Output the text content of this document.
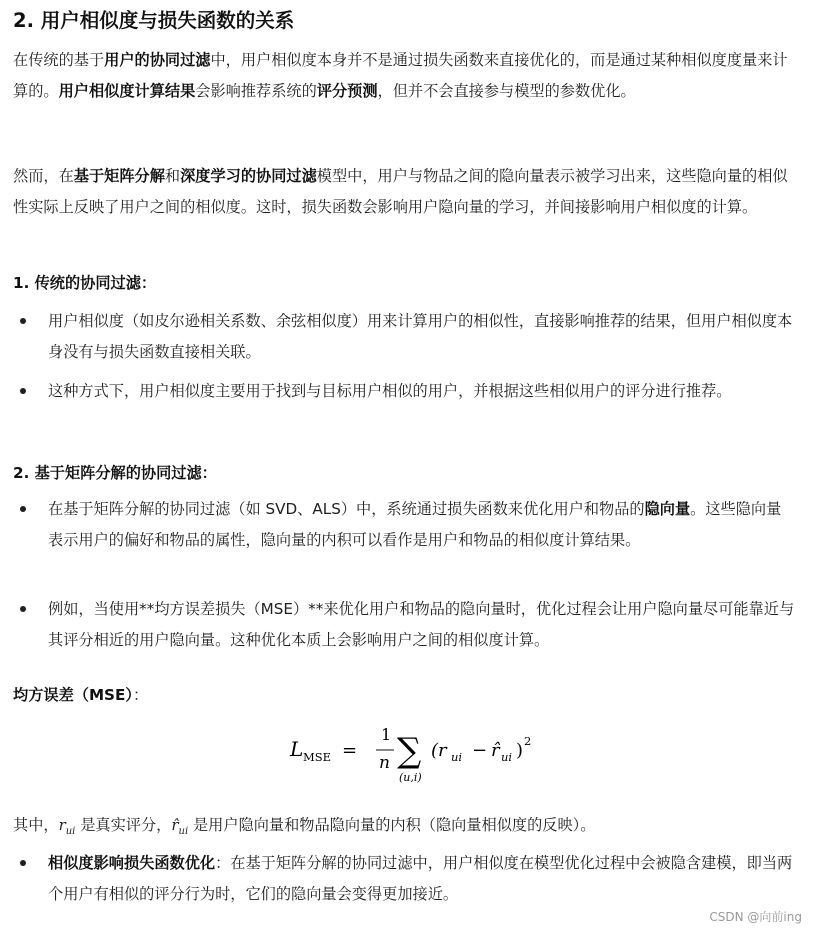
2. 用户相似度与损失函数的关系

在传统的基于用户的协同过滤中，用户相似度本身并不是通过损失函数来直接优化的，而是通过某种相似度度量来计算的。用户相似度计算结果会影响推荐系统的评分预测，但并不会直接参与模型的参数优化。

然而，在基于矩阵分解和深度学习的协同过滤模型中，用户与物品之间的隐向量表示被学习出来，这些隐向量的相似性实际上反映了用户之间的相似度。这时，损失函数会影响用户隐向量的学习，并间接影响用户相似度的计算。

1. 传统的协同过滤：
用户相似度（如皮尔逊相关系数、余弦相似度）用来计算用户的相似性，直接影响推荐的结果，但用户相似度本身没有与损失函数直接相关联。
这种方式下，用户相似度主要用于找到与目标用户相似的用户，并根据这些相似用户的评分进行推荐。
2. 基于矩阵分解的协同过滤：
在基于矩阵分解的协同过滤（如 SVD、ALS）中，系统通过损失函数来优化用户和物品的隐向量。这些隐向量表示用户的偏好和物品的属性，隐向量的内积可以看作是用户和物品的相似度计算结果。
例如，当使用**均方误差损失（MSE）**来优化用户和物品的隐向量时，优化过程会让用户隐向量尽可能靠近与其评分相近的用户隐向量。这种优化本质上会影响用户之间的相似度计算。

均方误差（MSE）：

L MSE =
1
n ∑
(u,i)
(r ui − r̂ ui ) 2

其中，$r_{ui}$ 是真实评分，$r̂_{ui}$ 是用户隐向量和物品隐向量的内积（隐向量相似度的反映）。

相似度影响损失函数优化：在基于矩阵分解的协同过滤中，用户相似度在模型优化过程中会被隐含建模，即当两个用户有相似的评分行为时，它们的隐向量会变得更加接近。
CSDN @向前ing
